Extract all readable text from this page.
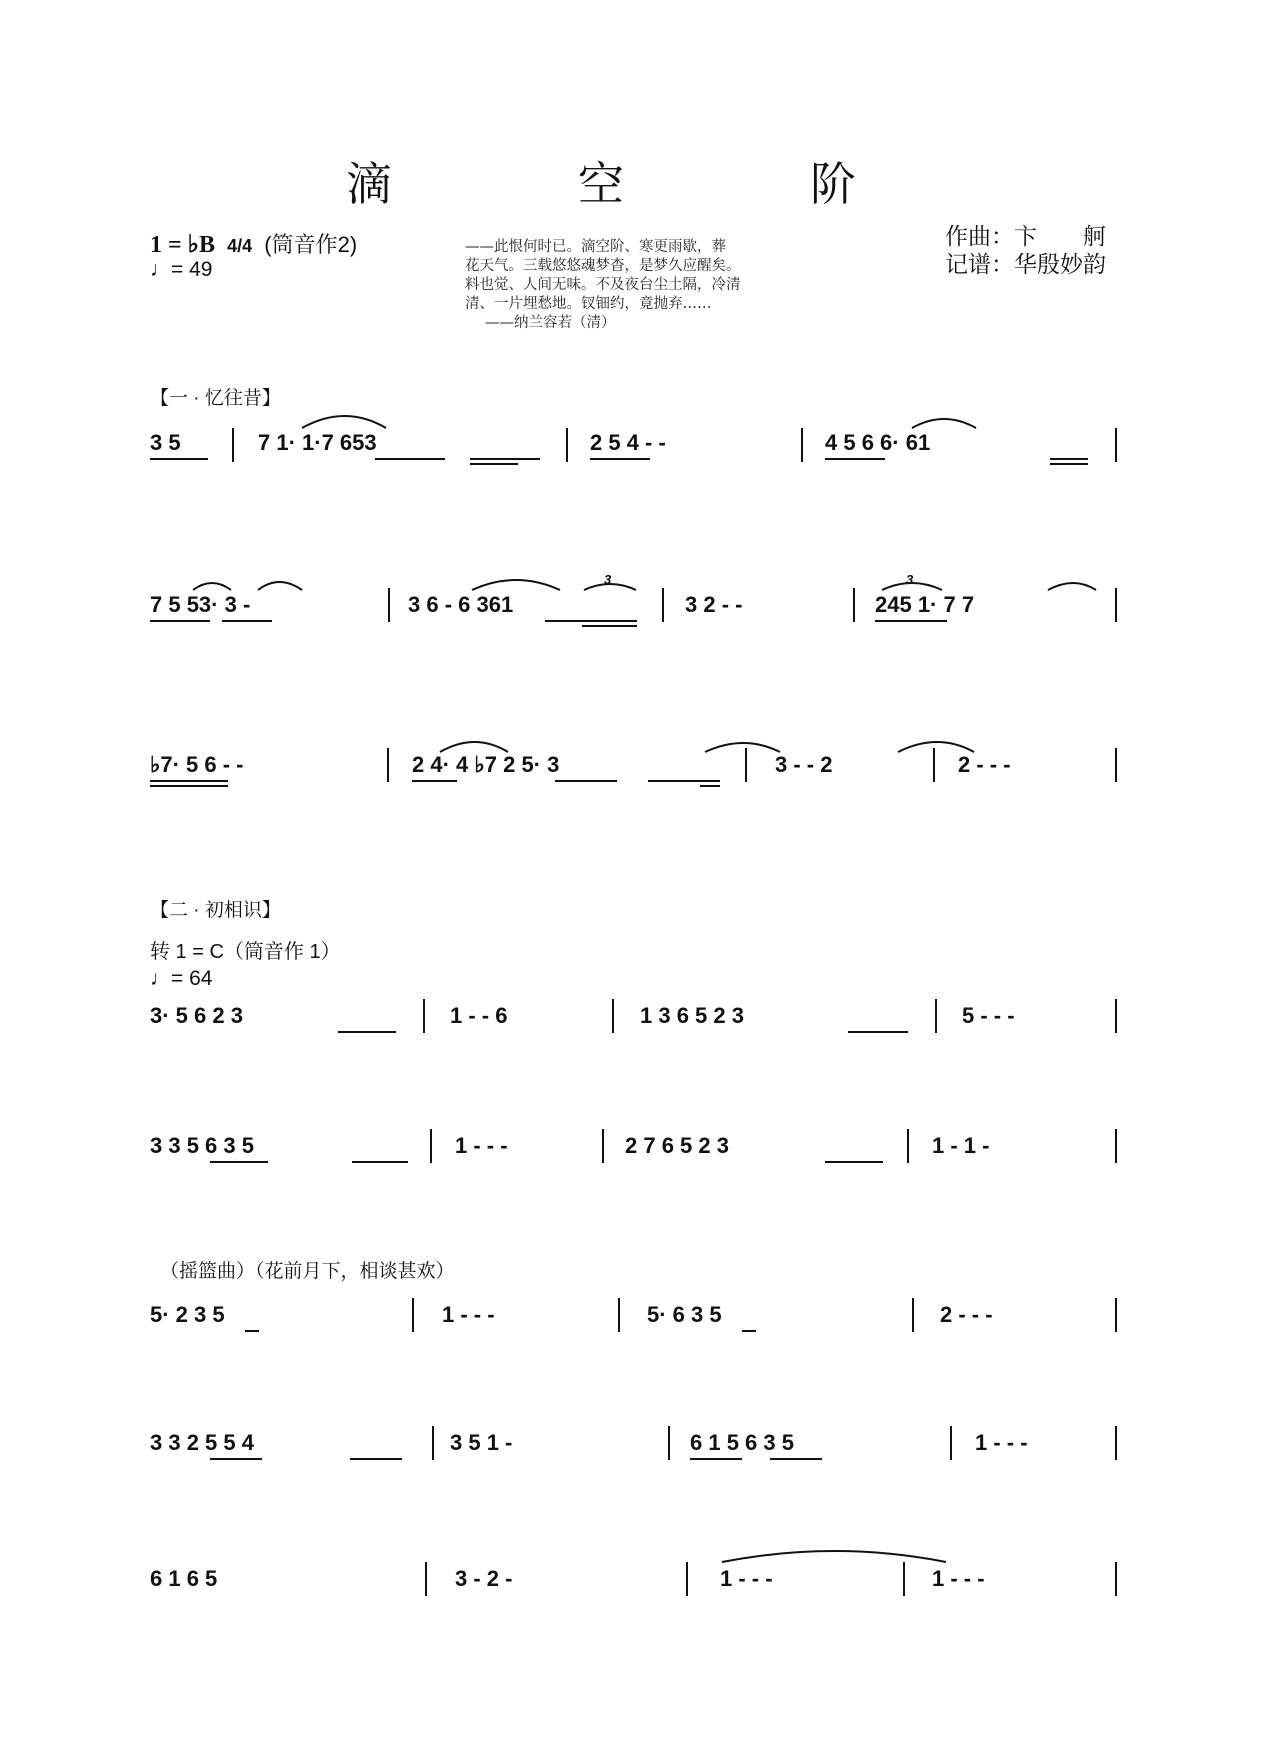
滴　空　阶
1 = ♭B 4/4 (筒音作2)
♩= 49
——此恨何时已。滴空阶、寒更雨歇，葬
花天气。三载悠悠魂梦杳，是梦久应醒矣。
料也觉、人间无味。不及夜台尘土隔，冷清
清、一片埋愁地。钗钿约，竟抛弃……
——纳兰容若（清）
作曲：卞　　舸
记谱：华殷妙韵
【一 · 忆往昔】
3 5	7 1· 1·7 653	2 5 4 - -	4 5 6 6· 61
7 5 53· 3 -	3 6 - 6 361	3 2 - -	245 1· 7 7
♭7· 5 6 - -	2 4· 4 ♭7 2 5· 3	3 - - 2	2 - - -
【二 · 初相识】
转 1 = C（筒音作 1）
♩= 64
3· 5 6 2 3	1 - - 6	1 3 6 5 2 3	5 - - -
3 3 5 6 3 5	1 - - -	2 7 6 5 2 3	1 - 1 -
（摇篮曲）（花前月下，相谈甚欢）
5· 2 3 5	1 - - -	5· 6 3 5	2 - - -
3 3 2 5 5 4	3 5 1 -	6 1 5 6 3 5	1 - - -
6 1 6 5	3 - 2 -	1 - - -	1 - - -
3	3
